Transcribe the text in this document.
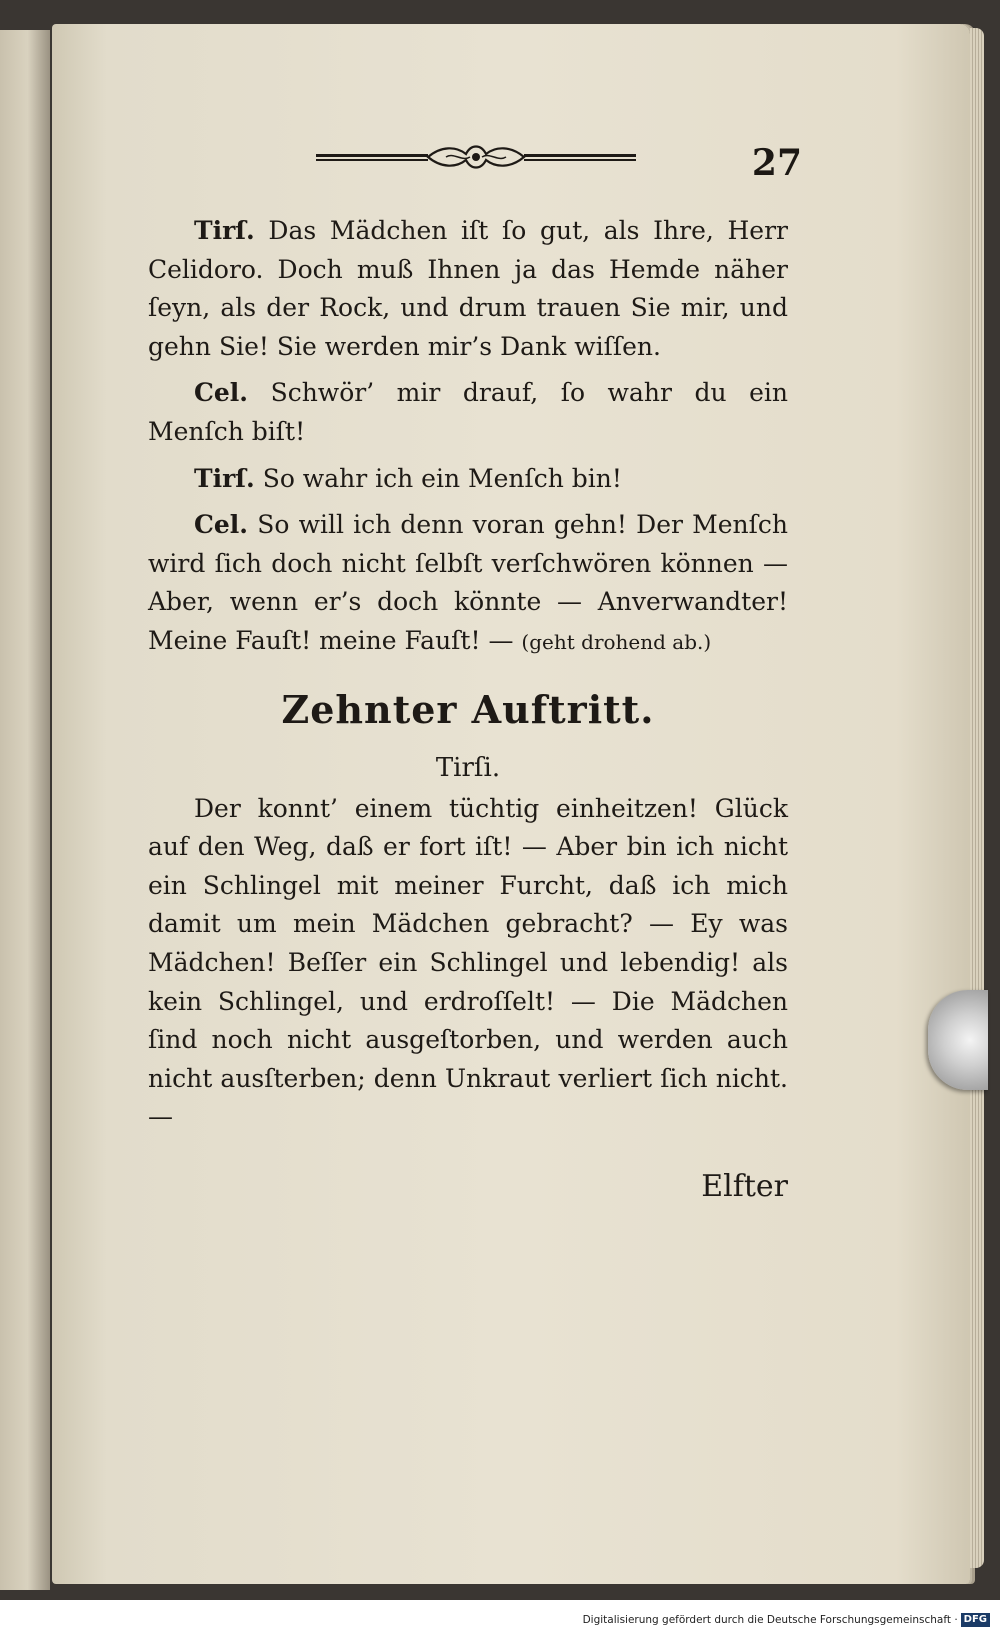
27

Tirſ. Das Mädchen iſt ſo gut, als Ihre, Herr Celidoro. Doch muß Ihnen ja das Hemde näher ſeyn, als der Rock, und drum trauen Sie mir, und gehn Sie! Sie werden mir’s Dank wiſſen.

Cel. Schwör’ mir drauf, ſo wahr du ein Menſch biſt!

Tirſ. So wahr ich ein Menſch bin!

Cel. So will ich denn voran gehn! Der Menſch wird ſich doch nicht ſelbſt verſchwören können — Aber, wenn er’s doch könnte — Anverwandter! Meine Fauſt! meine Fauſt! — (geht drohend ab.)

Zehnter Auftritt.
Tirſi.

Der konnt’ einem tüchtig einheitzen! Glück auf den Weg, daß er fort iſt! — Aber bin ich nicht ein Schlingel mit meiner Furcht, daß ich mich damit um mein Mädchen gebracht? — Ey was Mädchen! Beſſer ein Schlingel und lebendig! als kein Schlingel, und erdroſſelt! — Die Mädchen ſind noch nicht ausgeſtorben, und werden auch nicht ausſterben; denn Unkraut verliert ſich nicht. —

Elfter
Digitalisierung gefördert durch die Deutsche Forschungsgemeinschaft · DFG
